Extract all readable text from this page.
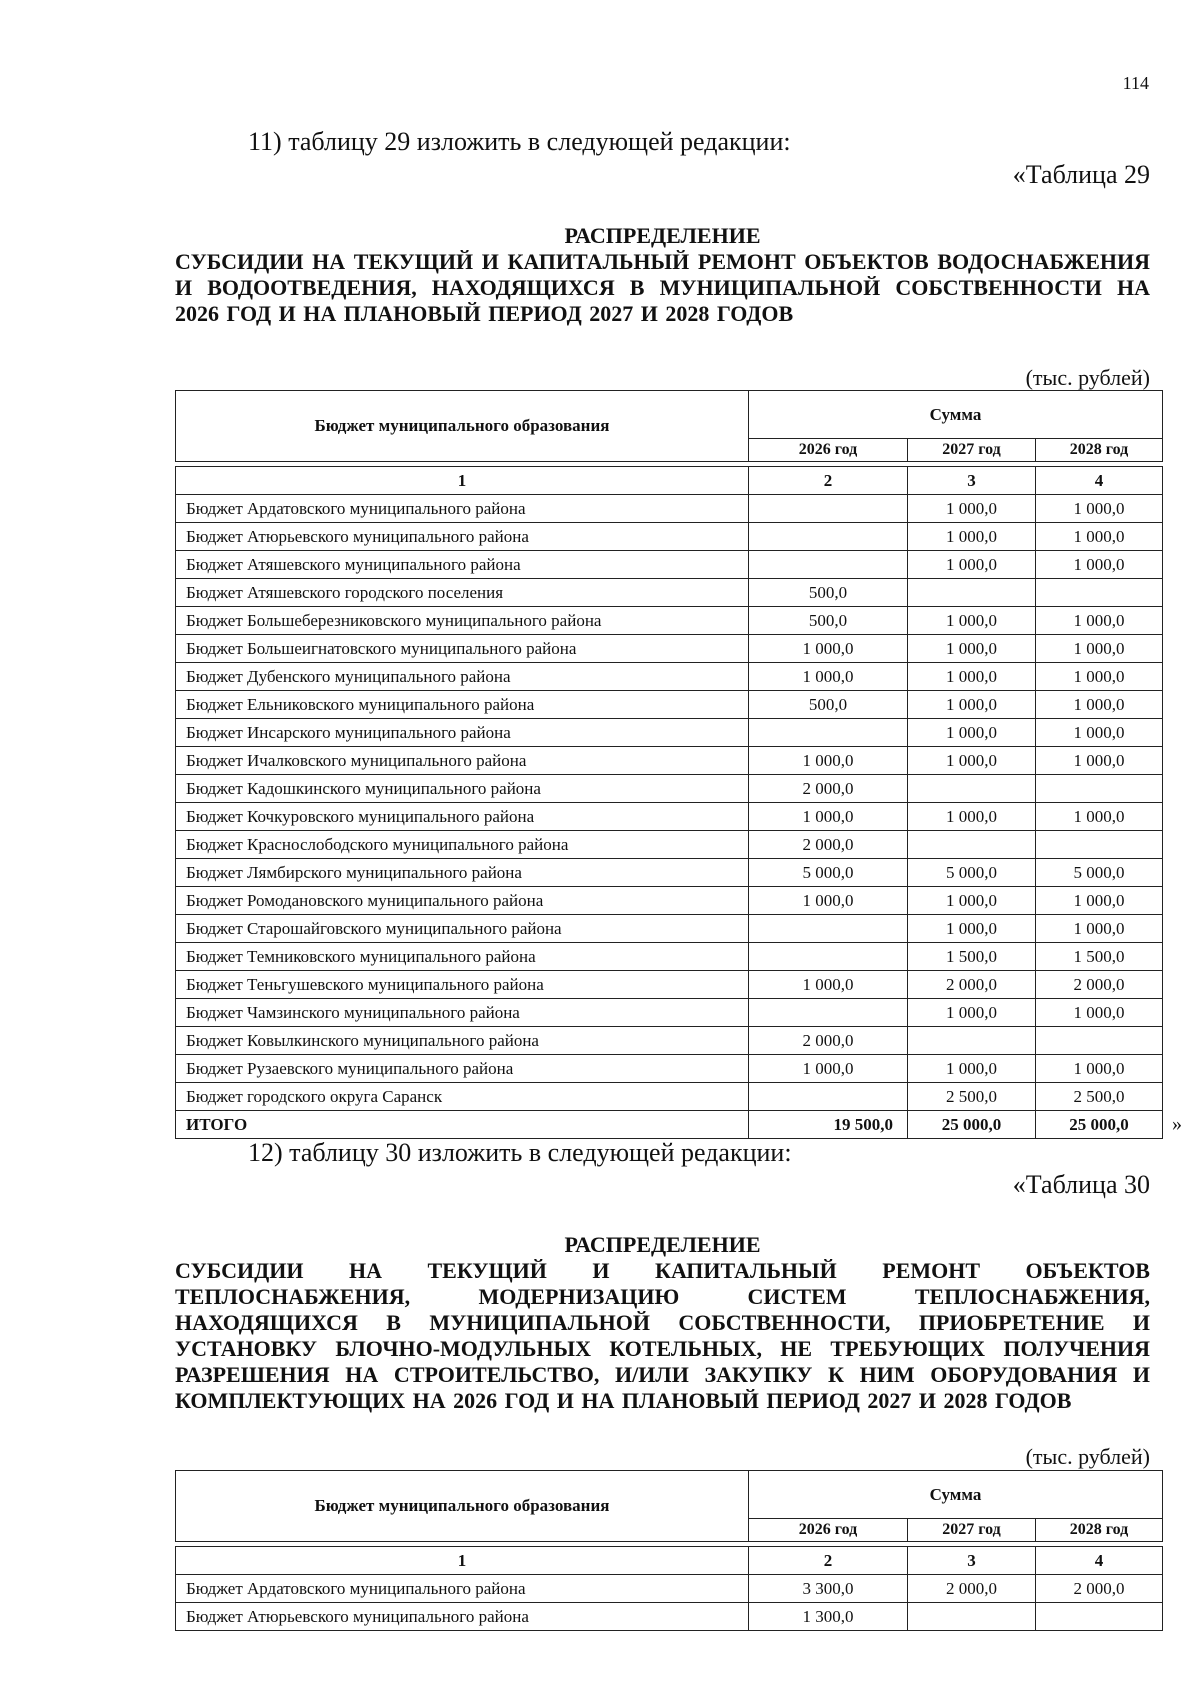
114
11) таблицу 29 изложить в следующей редакции:
«Таблица 29
РАСПРЕДЕЛЕНИЕ
СУБСИДИИ НА ТЕКУЩИЙ И КАПИТАЛЬНЫЙ РЕМОНТ ОБЪЕКТОВ ВОДОСНАБЖЕНИЯ И ВОДООТВЕДЕНИЯ, НАХОДЯЩИХСЯ В МУНИЦИПАЛЬНОЙ СОБСТВЕННОСТИ НА 2026 ГОД И НА ПЛАНОВЫЙ ПЕРИОД 2027 И 2028 ГОДОВ
(тыс. рублей)
Бюджет муниципального образования	Сумма		
	2026 год	2027 год	2028 год

1	2	3	4
Бюджет Ардатовского муниципального района		1 000,0	1 000,0
Бюджет Атюрьевского муниципального района		1 000,0	1 000,0
Бюджет Атяшевского муниципального района		1 000,0	1 000,0
Бюджет Атяшевского городского поселения	500,0		
Бюджет Большеберезниковского муниципального района	500,0	1 000,0	1 000,0
Бюджет Большеигнатовского муниципального района	1 000,0	1 000,0	1 000,0
Бюджет Дубенского муниципального района	1 000,0	1 000,0	1 000,0
Бюджет Ельниковского муниципального района	500,0	1 000,0	1 000,0
Бюджет Инсарского муниципального района		1 000,0	1 000,0
Бюджет Ичалковского муниципального района	1 000,0	1 000,0	1 000,0
Бюджет Кадошкинского муниципального района	2 000,0		
Бюджет Кочкуровского муниципального района	1 000,0	1 000,0	1 000,0
Бюджет Краснослободского муниципального района	2 000,0		
Бюджет Лямбирского муниципального района	5 000,0	5 000,0	5 000,0
Бюджет Ромодановского муниципального района	1 000,0	1 000,0	1 000,0
Бюджет Старошайговского муниципального района		1 000,0	1 000,0
Бюджет Темниковского муниципального района		1 500,0	1 500,0
Бюджет Теньгушевского муниципального района	1 000,0	2 000,0	2 000,0
Бюджет Чамзинского муниципального района		1 000,0	1 000,0
Бюджет Ковылкинского муниципального района	2 000,0		
Бюджет Рузаевского муниципального района	1 000,0	1 000,0	1 000,0
Бюджет городского округа Саранск		2 500,0	2 500,0
ИТОГО	19 500,0	25 000,0	25 000,0 »
12) таблицу 30 изложить в следующей редакции:
«Таблица 30
РАСПРЕДЕЛЕНИЕ
СУБСИДИИ НА ТЕКУЩИЙ И КАПИТАЛЬНЫЙ РЕМОНТ ОБЪЕКТОВ ТЕПЛОСНАБЖЕНИЯ, МОДЕРНИЗАЦИЮ СИСТЕМ ТЕПЛОСНАБЖЕНИЯ, НАХОДЯЩИХСЯ В МУНИЦИПАЛЬНОЙ СОБСТВЕННОСТИ, ПРИОБРЕТЕНИЕ И УСТАНОВКУ БЛОЧНО-МОДУЛЬНЫХ КОТЕЛЬНЫХ, НЕ ТРЕБУЮЩИХ ПОЛУЧЕНИЯ РАЗРЕШЕНИЯ НА СТРОИТЕЛЬСТВО, И/ИЛИ ЗАКУПКУ К НИМ ОБОРУДОВАНИЯ И КОМПЛЕКТУЮЩИХ НА 2026 ГОД И НА ПЛАНОВЫЙ ПЕРИОД 2027 И 2028 ГОДОВ
(тыс. рублей)
Бюджет муниципального образования	Сумма		
	2026 год	2027 год	2028 год

1	2	3	4
Бюджет Ардатовского муниципального района	3 300,0	2 000,0	2 000,0
Бюджет Атюрьевского муниципального района	1 300,0		
